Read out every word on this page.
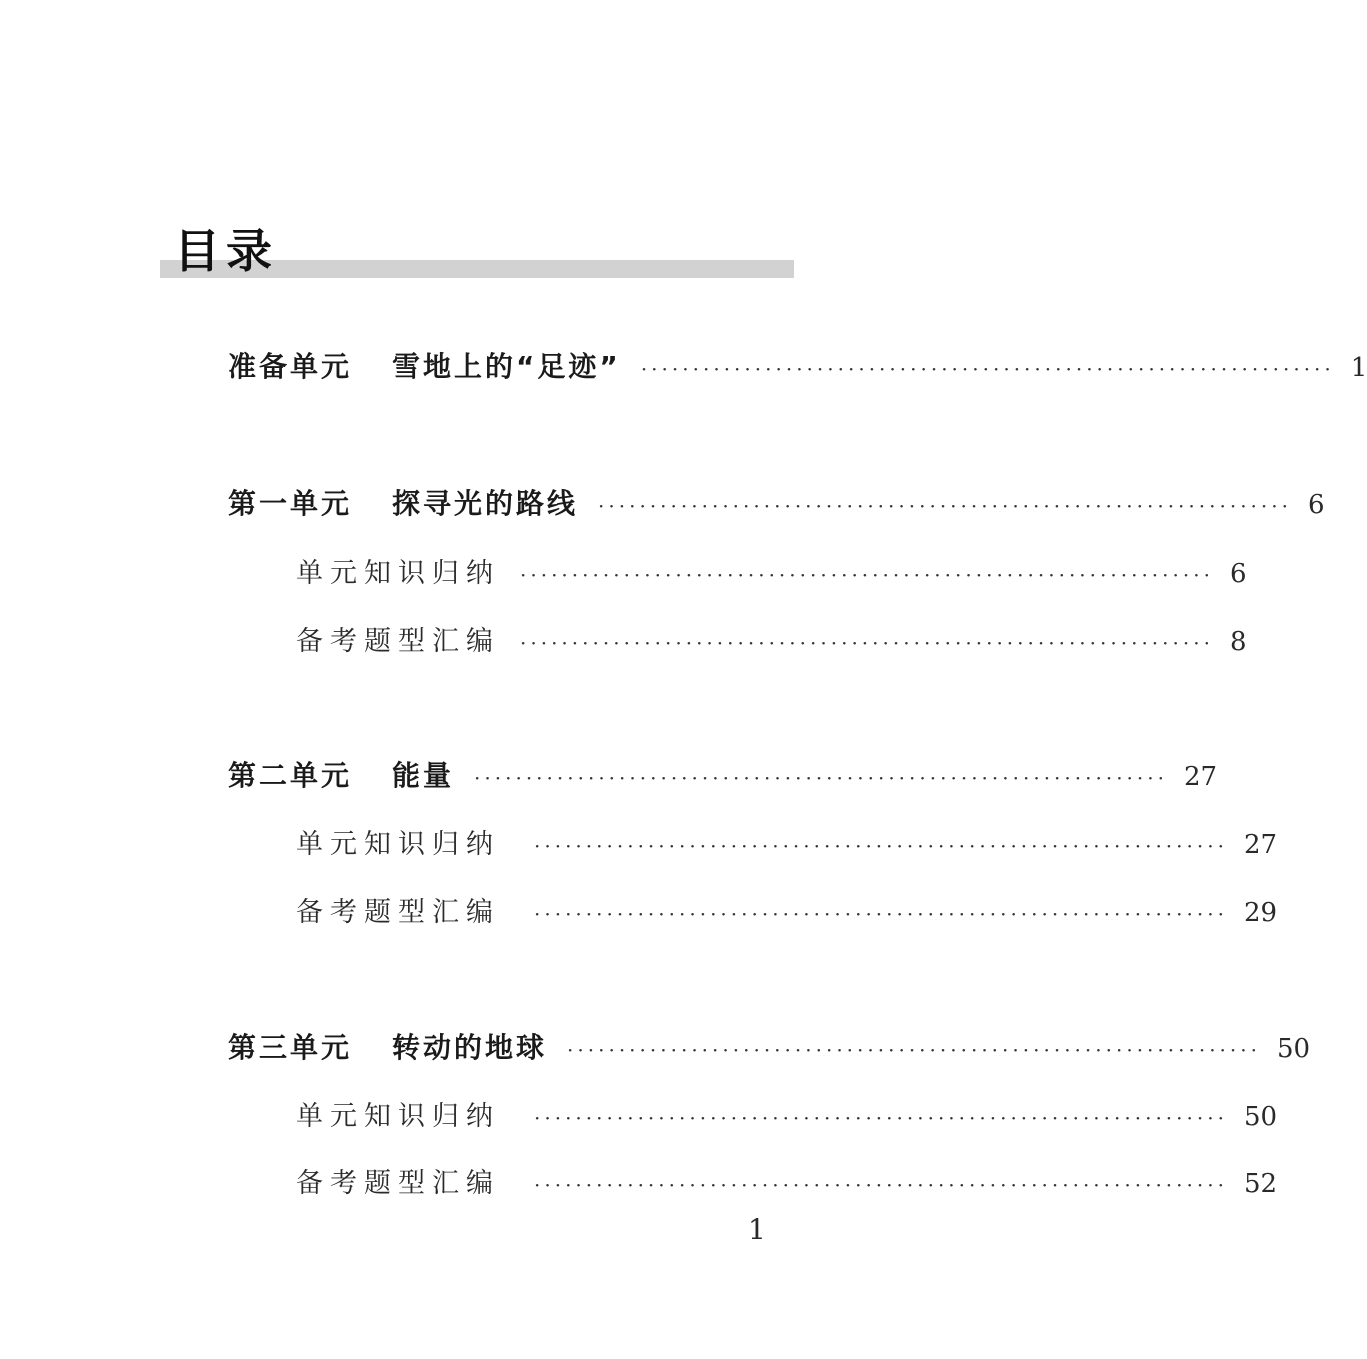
目录
准备单元 雪地上的“足迹” ··································································· 1
第一单元 探寻光的路线 ··································································· 6
单元知识归纳 ··································································· 6
备考题型汇编 ··································································· 8
第二单元 能量 ··································································· 27
单元知识归纳 ··································································· 27
备考题型汇编 ··································································· 29
第三单元 转动的地球 ··································································· 50
单元知识归纳 ··································································· 50
备考题型汇编 ··································································· 52
1
